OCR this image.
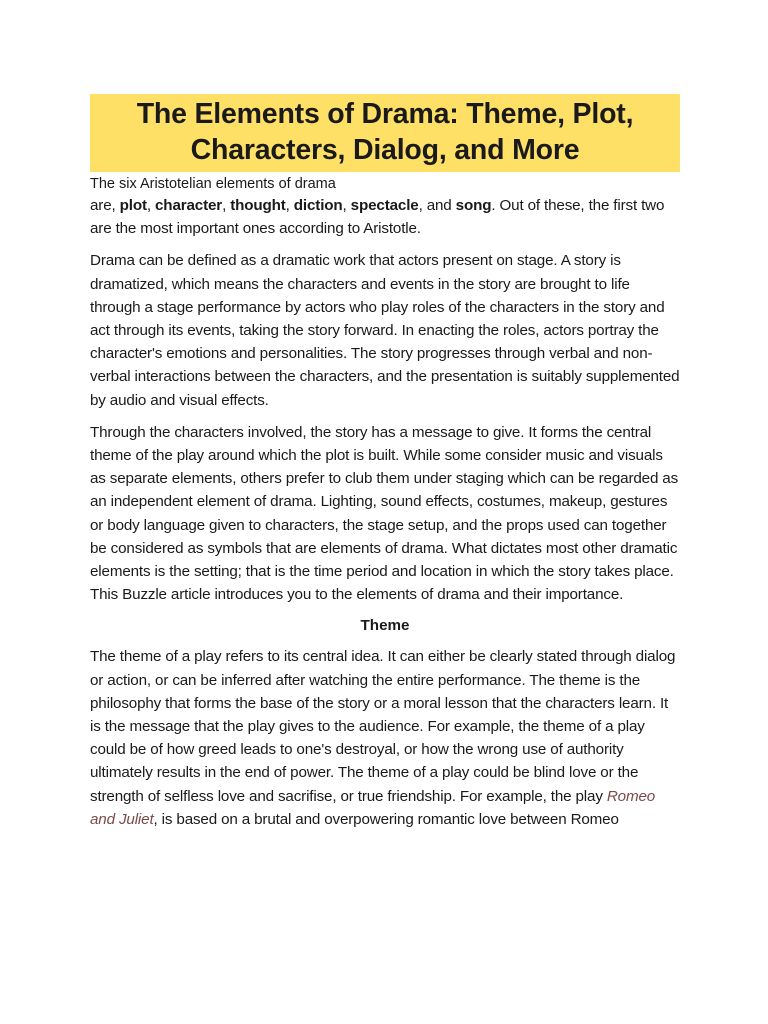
The Elements of Drama: Theme, Plot, Characters, Dialog, and More
The six Aristotelian elements of drama

are, plot, character, thought, diction, spectacle, and song. Out of these, the first two are the most important ones according to Aristotle.

Drama can be defined as a dramatic work that actors present on stage. A story is dramatized, which means the characters and events in the story are brought to life through a stage performance by actors who play roles of the characters in the story and act through its events, taking the story forward. In enacting the roles, actors portray the character's emotions and personalities. The story progresses through verbal and non-verbal interactions between the characters, and the presentation is suitably supplemented by audio and visual effects.

Through the characters involved, the story has a message to give. It forms the central theme of the play around which the plot is built. While some consider music and visuals as separate elements, others prefer to club them under staging which can be regarded as an independent element of drama. Lighting, sound effects, costumes, makeup, gestures or body language given to characters, the stage setup, and the props used can together be considered as symbols that are elements of drama. What dictates most other dramatic elements is the setting; that is the time period and location in which the story takes place. This Buzzle article introduces you to the elements of drama and their importance.

Theme

The theme of a play refers to its central idea. It can either be clearly stated through dialog or action, or can be inferred after watching the entire performance. The theme is the philosophy that forms the base of the story or a moral lesson that the characters learn. It is the message that the play gives to the audience. For example, the theme of a play could be of how greed leads to one's destroyal, or how the wrong use of authority ultimately results in the end of power. The theme of a play could be blind love or the strength of selfless love and sacrifise, or true friendship. For example, the play Romeo and Juliet, is based on a brutal and overpowering romantic love between Romeo
